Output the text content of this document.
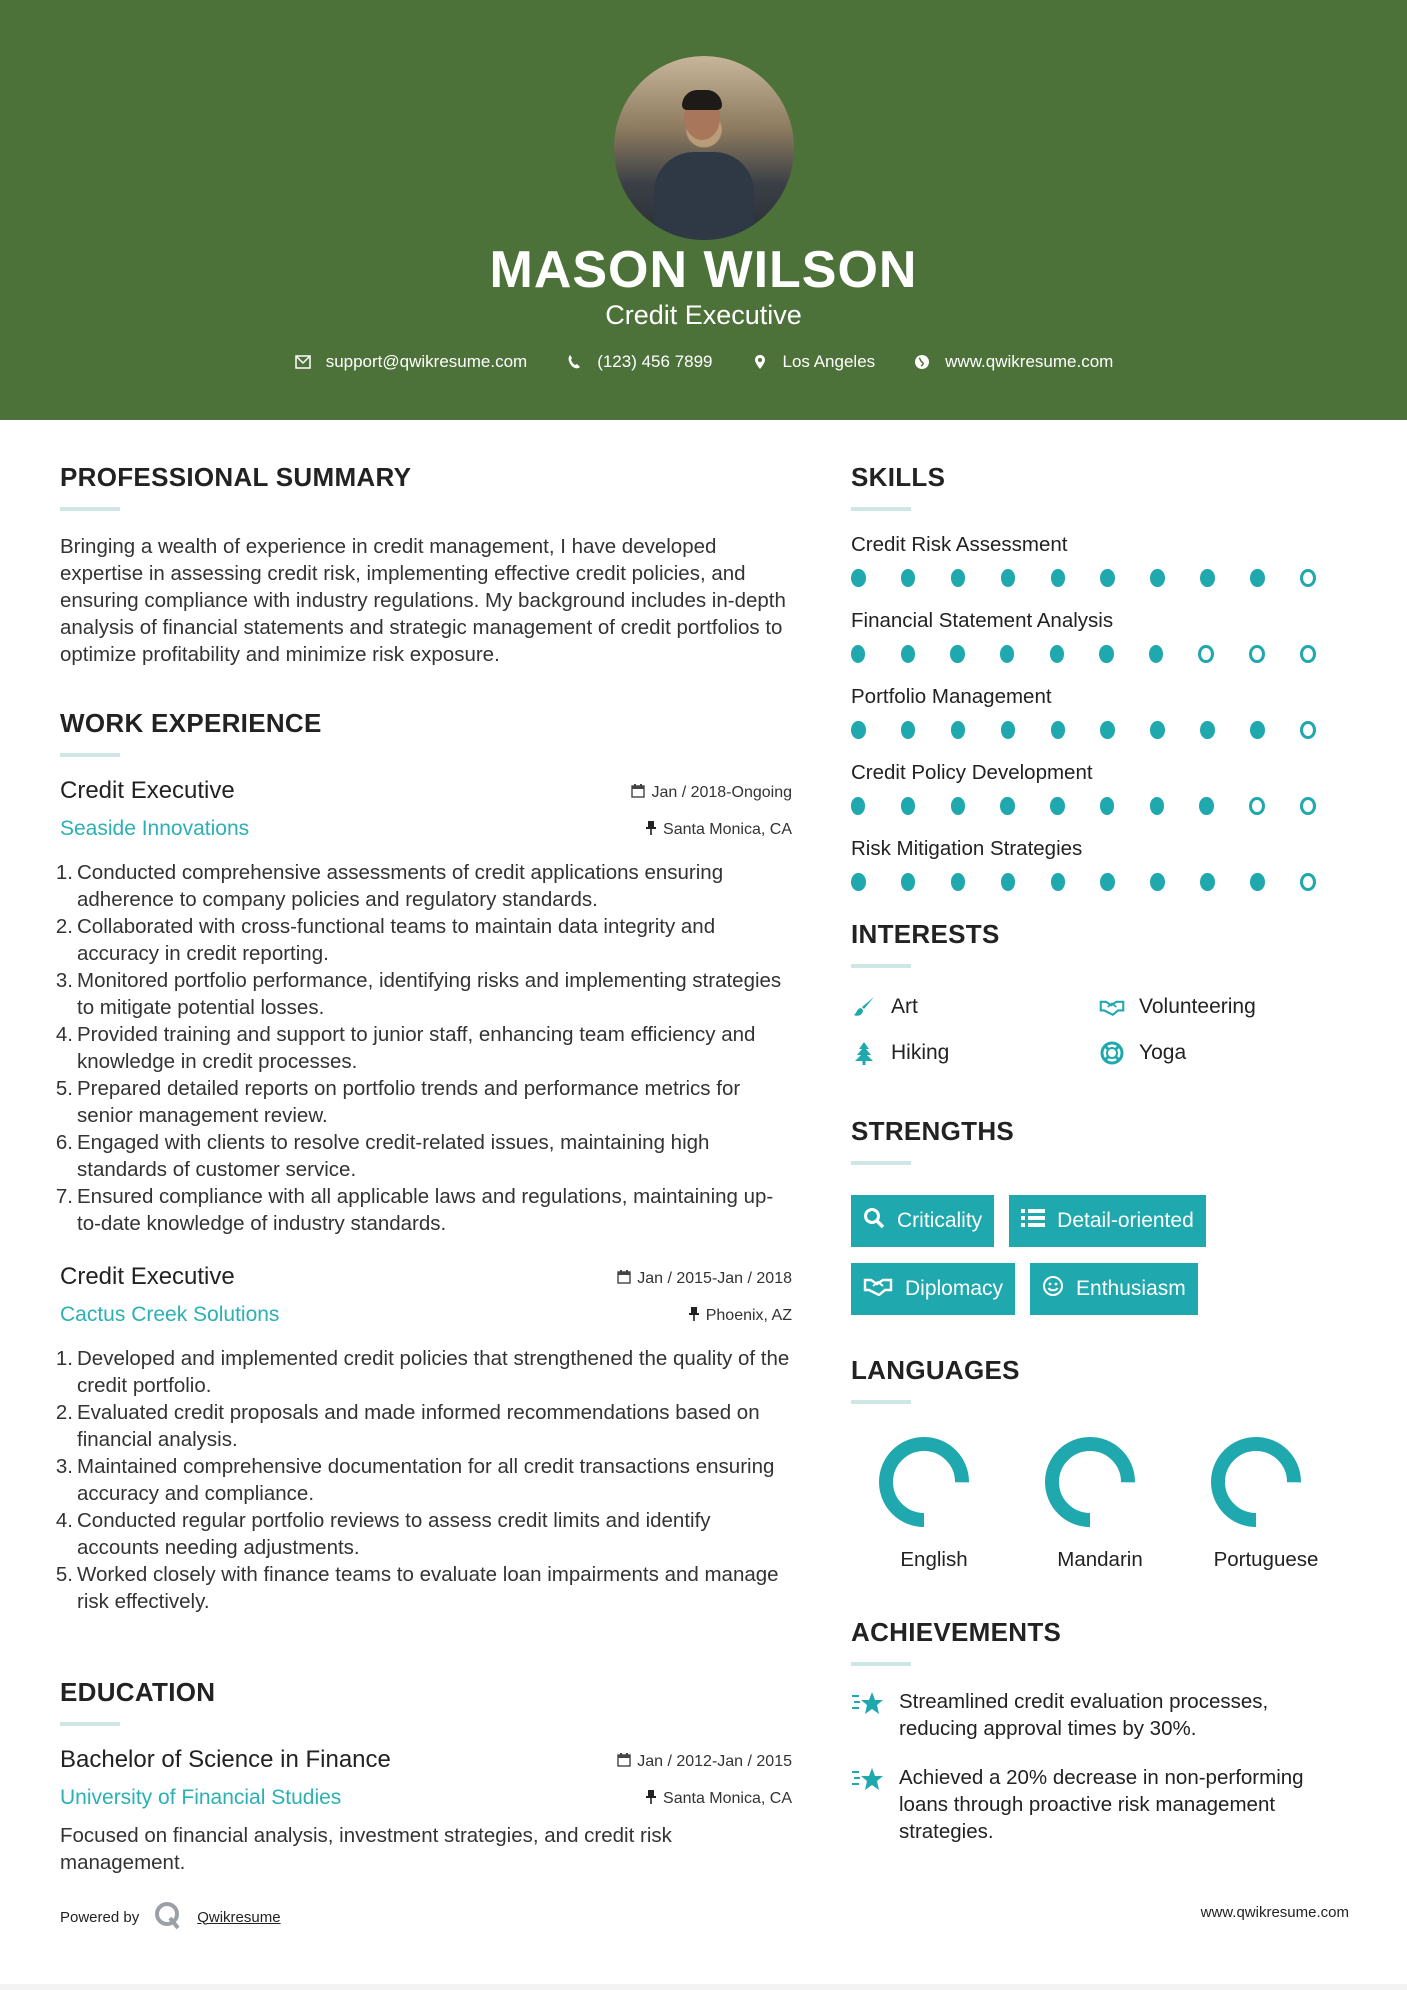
MASON WILSON
Credit Executive
support@qwikresume.com	(123) 456 7899	Los Angeles	www.qwikresume.com
PROFESSIONAL SUMMARY

Bringing a wealth of experience in credit management, I have developed expertise in assessing credit risk, implementing effective credit policies, and ensuring compliance with industry regulations. My background includes in-depth analysis of financial statements and strategic management of credit portfolios to optimize profitability and minimize risk exposure.

WORK EXPERIENCE
Credit Executive	Jan / 2018-Ongoing
Seaside Innovations	Santa Monica, CA
1. Conducted comprehensive assessments of credit applications ensuring adherence to company policies and regulatory standards.
2. Collaborated with cross-functional teams to maintain data integrity and accuracy in credit reporting.
3. Monitored portfolio performance, identifying risks and implementing strategies to mitigate potential losses.
4. Provided training and support to junior staff, enhancing team efficiency and knowledge in credit processes.
5. Prepared detailed reports on portfolio trends and performance metrics for senior management review.
6. Engaged with clients to resolve credit-related issues, maintaining high standards of customer service.
7. Ensured compliance with all applicable laws and regulations, maintaining up-to-date knowledge of industry standards.
Credit Executive	Jan / 2015-Jan / 2018
Cactus Creek Solutions	Phoenix, AZ
1. Developed and implemented credit policies that strengthened the quality of the credit portfolio.
2. Evaluated credit proposals and made informed recommendations based on financial analysis.
3. Maintained comprehensive documentation for all credit transactions ensuring accuracy and compliance.
4. Conducted regular portfolio reviews to assess credit limits and identify accounts needing adjustments.
5. Worked closely with finance teams to evaluate loan impairments and manage risk effectively.
EDUCATION
Bachelor of Science in Finance	Jan / 2012-Jan / 2015
University of Financial Studies	Santa Monica, CA

Focused on financial analysis, investment strategies, and credit risk management.

SKILLS
Credit Risk Assessment
Financial Statement Analysis
Portfolio Management
Credit Policy Development
Risk Mitigation Strategies
INTERESTS
Art	Volunteering
Hiking	Yoga
STRENGTHS
Criticality	Detail-oriented
Diplomacy	Enthusiasm
LANGUAGES
English	Mandarin	Portuguese
ACHIEVEMENTS
Streamlined credit evaluation processes, reducing approval times by 30%.
Achieved a 20% decrease in non-performing loans through proactive risk management strategies.
Powered by	Qwikresume	www.qwikresume.com
